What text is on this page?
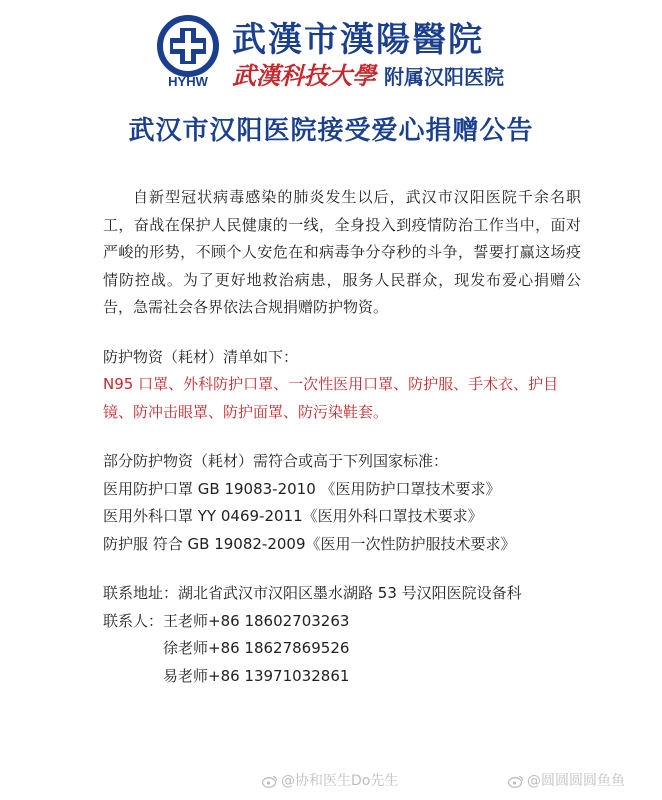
HYHW
武漢市漢陽醫院
武漢科技大學 附属汉阳医院
武汉市汉阳医院接受爱心捐赠公告

自新型冠状病毒感染的肺炎发生以后，武汉市汉阳医院千余名职工，奋战在保护人民健康的一线，全身投入到疫情防治工作当中，面对严峻的形势，不顾个人安危在和病毒争分夺秒的斗争，誓要打赢这场疫情防控战。为了更好地救治病患，服务人民群众，现发布爱心捐赠公告，急需社会各界依法合规捐赠防护物资。

防护物资（耗材）清单如下：

N95 口罩、外科防护口罩、一次性医用口罩、防护服、手术衣、护目镜、防冲击眼罩、防护面罩、防污染鞋套。

部分防护物资（耗材）需符合或高于下列国家标准：

医用防护口罩 GB 19083-2010 《医用防护口罩技术要求》

医用外科口罩 YY 0469-2011《医用外科口罩技术要求》

防护服 符合 GB 19082-2009《医用一次性防护服技术要求》

联系地址：湖北省武汉市汉阳区墨水湖路 53 号汉阳医院设备科

联系人：王老师+86 18602703263

徐老师+86 18627869526

易老师+86 13971032861

@协和医生Do先生	@圆圆圆圆鱼鱼
